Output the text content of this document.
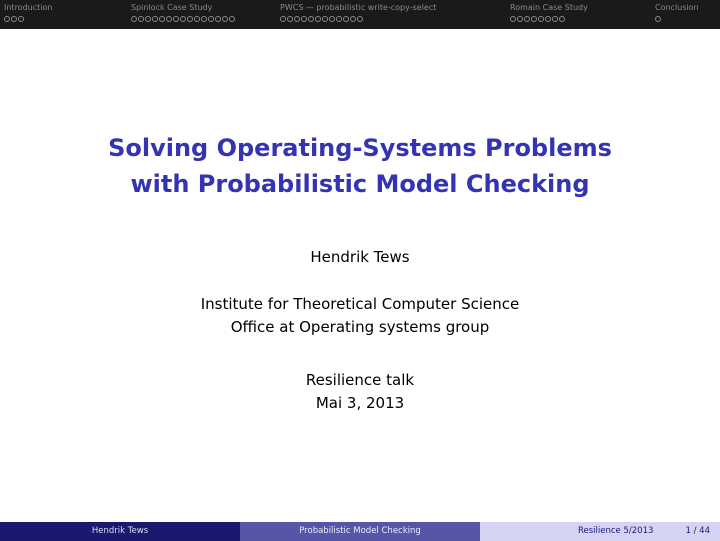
Introduction	Spinlock Case Study	PWCS — probabilistic write-copy-select	Romain Case Study	Conclusion
Solving Operating-Systems Problems
with Probabilistic Model Checking
Hendrik Tews
Institute for Theoretical Computer Science
Office at Operating systems group
Resilience talk
Mai 3, 2013
Hendrik Tews	Probabilistic Model Checking	Resilience 5/2013	1 / 44
